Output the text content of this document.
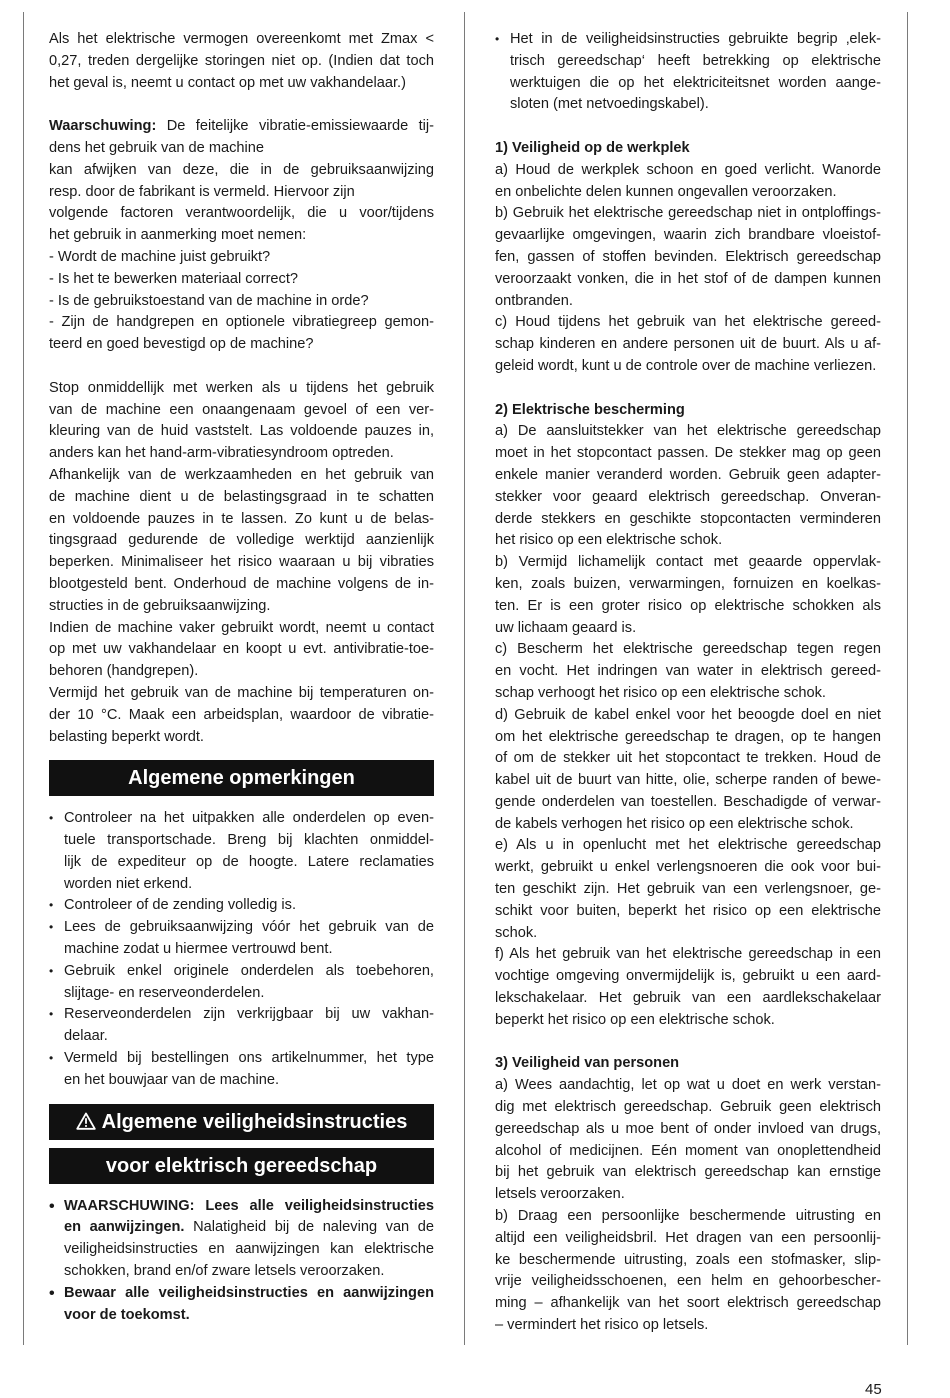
Als het elektrische vermogen overeenkomt met Zmax <
0,27, treden dergelijke storingen niet op. (Indien dat toch
het geval is, neemt u contact op met uw vakhandelaar.)
Waarschuwing: De feitelijke vibratie-emissiewaarde tij-
dens het gebruik van de machine
kan afwijken van deze, die in de gebruiksaanwijzing
resp. door de fabrikant is vermeld. Hiervoor zijn
volgende factoren verantwoordelijk, die u voor/tijdens
het gebruik in aanmerking moet nemen:
- Wordt de machine juist gebruikt?
- Is het te bewerken materiaal correct?
- Is de gebruikstoestand van de machine in orde?
- Zijn de handgrepen en optionele vibratiegreep gemon-
teerd en goed bevestigd op de machine?
Stop onmiddellijk met werken als u tijdens het gebruik
van de machine een onaangenaam gevoel of een ver-
kleuring van de huid vaststelt. Las voldoende pauzes in,
anders kan het hand-arm-vibratiesyndroom optreden.
Afhankelijk van de werkzaamheden en het gebruik van
de machine dient u de belastingsgraad in te schatten
en voldoende pauzes in te lassen. Zo kunt u de belas-
tingsgraad gedurende de volledige werktijd aanzienlijk
beperken. Minimaliseer het risico waaraan u bij vibraties
blootgesteld bent. Onderhoud de machine volgens de in-
structies in de gebruiksaanwijzing.
Indien de machine vaker gebruikt wordt, neemt u contact
op met uw vakhandelaar en koopt u evt. antivibratie-toe-
behoren (handgrepen).
Vermijd het gebruik van de machine bij temperaturen on-
der 10 °C. Maak een arbeidsplan, waardoor de vibratie-
belasting beperkt wordt.
Algemene opmerkingen
• Controleer na het uitpakken alle onderdelen op even-
tuele transportschade. Breng bij klachten onmiddel-
lijk de expediteur op de hoogte. Latere reclamaties
worden niet erkend.
• Controleer of de zending volledig is.
• Lees de gebruiksaanwijzing vóór het gebruik van de
machine zodat u hiermee vertrouwd bent.
• Gebruik enkel originele onderdelen als toebehoren,
slijtage- en reserveonderdelen.
• Reserveonderdelen zijn verkrijgbaar bij uw vakhan-
delaar.
• Vermeld bij bestellingen ons artikelnummer, het type
en het bouwjaar van de machine.
Algemene veiligheidsinstructies
voor elektrisch gereedschap
• WAARSCHUWING: Lees alle veiligheidsinstructies
en aanwijzingen. Nalatigheid bij de naleving van de
veiligheidsinstructies en aanwijzingen kan elektrische
schokken, brand en/of zware letsels veroorzaken.
• Bewaar alle veiligheidsinstructies en aanwijzingen
voor de toekomst.
• Het in de veiligheidsinstructies gebruikte begrip ‚elek-
trisch gereedschap‘ heeft betrekking op elektrische
werktuigen die op het elektriciteitsnet worden aange-
sloten (met netvoedingskabel).
1) Veiligheid op de werkplek
a) Houd de werkplek schoon en goed verlicht. Wanorde
en onbelichte delen kunnen ongevallen veroorzaken.
b) Gebruik het elektrische gereedschap niet in ontploffings-
gevaarlijke omgevingen, waarin zich brandbare vloeistof-
fen, gassen of stoffen bevinden. Elektrisch gereedschap
veroorzaakt vonken, die in het stof of de dampen kunnen
ontbranden.
c) Houd tijdens het gebruik van het elektrische gereed-
schap kinderen en andere personen uit de buurt. Als u af-
geleid wordt, kunt u de controle over de machine verliezen.
2) Elektrische bescherming
a) De aansluitstekker van het elektrische gereedschap
moet in het stopcontact passen. De stekker mag op geen
enkele manier veranderd worden. Gebruik geen adapter-
stekker voor geaard elektrisch gereedschap. Onveran-
derde stekkers en geschikte stopcontacten verminderen
het risico op een elektrische schok.
b) Vermijd lichamelijk contact met geaarde oppervlak-
ken, zoals buizen, verwarmingen, fornuizen en koelkas-
ten. Er is een groter risico op elektrische schokken als
uw lichaam geaard is.
c) Bescherm het elektrische gereedschap tegen regen
en vocht. Het indringen van water in elektrisch gereed-
schap verhoogt het risico op een elektrische schok.
d) Gebruik de kabel enkel voor het beoogde doel en niet
om het elektrische gereedschap te dragen, op te hangen
of om de stekker uit het stopcontact te trekken. Houd de
kabel uit de buurt van hitte, olie, scherpe randen of bewe-
gende onderdelen van toestellen. Beschadigde of verwar-
de kabels verhogen het risico op een elektrische schok.
e) Als u in openlucht met het elektrische gereedschap
werkt, gebruikt u enkel verlengsnoeren die ook voor bui-
ten geschikt zijn. Het gebruik van een verlengsnoer, ge-
schikt voor buiten, beperkt het risico op een elektrische
schok.
f) Als het gebruik van het elektrische gereedschap in een
vochtige omgeving onvermijdelijk is, gebruikt u een aard-
lekschakelaar. Het gebruik van een aardlekschakelaar
beperkt het risico op een elektrische schok.
3) Veiligheid van personen
a) Wees aandachtig, let op wat u doet en werk verstan-
dig met elektrisch gereedschap. Gebruik geen elektrisch
gereedschap als u moe bent of onder invloed van drugs,
alcohol of medicijnen. Eén moment van onoplettendheid
bij het gebruik van elektrisch gereedschap kan ernstige
letsels veroorzaken.
b) Draag een persoonlijke beschermende uitrusting en
altijd een veiligheidsbril. Het dragen van een persoonlij-
ke beschermende uitrusting, zoals een stofmasker, slip-
vrije veiligheidsschoenen, een helm en gehoorbescher-
ming – afhankelijk van het soort elektrisch gereedschap
– vermindert het risico op letsels.
45
